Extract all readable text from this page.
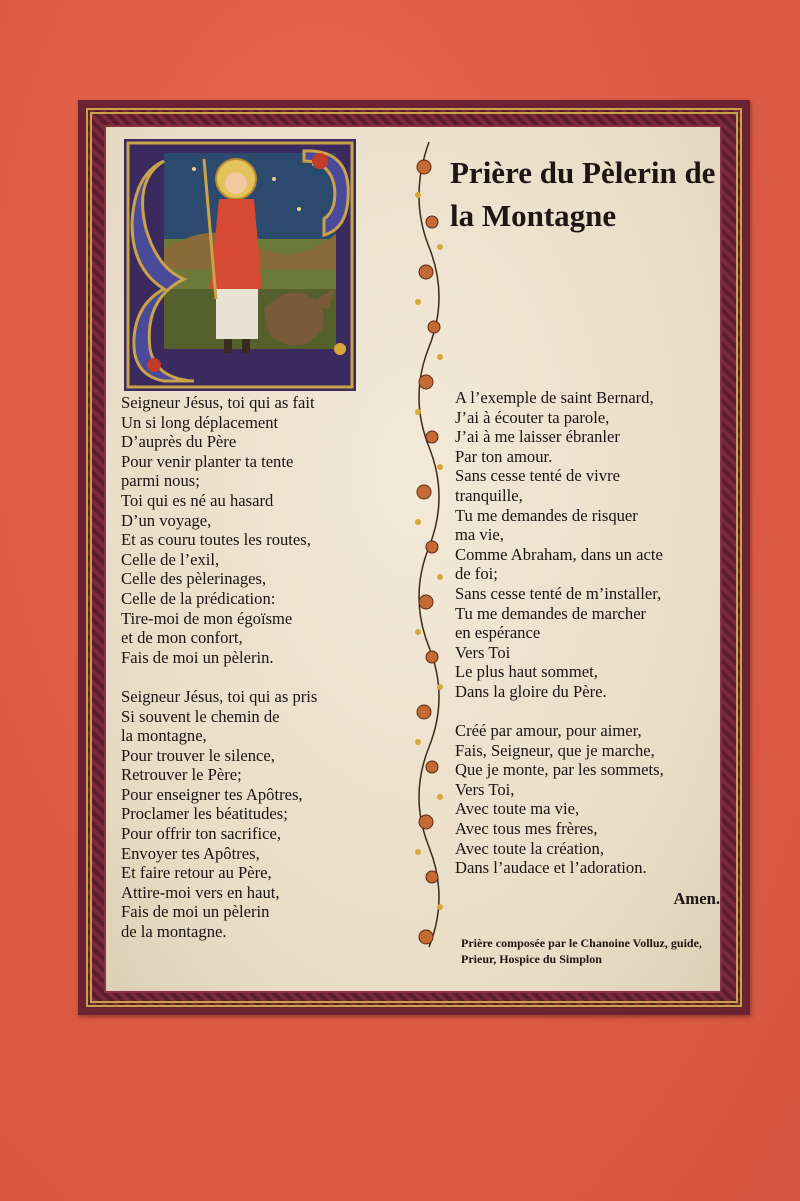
Prière du Pèlerin de la Montagne
Seigneur Jésus, toi qui as fait
Un si long déplacement
D’auprès du Père
Pour venir planter ta tente
parmi nous;
Toi qui es né au hasard
D’un voyage,
Et as couru toutes les routes,
Celle de l’exil,
Celle des pèlerinages,
Celle de la prédication:
Tire-moi de mon égoïsme
et de mon confort,
Fais de moi un pèlerin.
Seigneur Jésus, toi qui as pris
Si souvent le chemin de
la montagne,
Pour trouver le silence,
Retrouver le Père;
Pour enseigner tes Apôtres,
Proclamer les béatitudes;
Pour offrir ton sacrifice,
Envoyer tes Apôtres,
Et faire retour au Père,
Attire-moi vers en haut,
Fais de moi un pèlerin
de la montagne.
A l’exemple de saint Bernard,
J’ai à écouter ta parole,
J’ai à me laisser ébranler
Par ton amour.
Sans cesse tenté de vivre
tranquille,
Tu me demandes de risquer
ma vie,
Comme Abraham, dans un acte
de foi;
Sans cesse tenté de m’installer,
Tu me demandes de marcher
en espérance
Vers Toi
Le plus haut sommet,
Dans la gloire du Père.
Créé par amour, pour aimer,
Fais, Seigneur, que je marche,
Que je monte, par les sommets,
Vers Toi,
Avec toute ma vie,
Avec tous mes frères,
Avec toute la création,
Dans l’audace et l’adoration.
Amen.
Prière composée par le Chanoine Volluz, guide, Prieur, Hospice du Simplon
